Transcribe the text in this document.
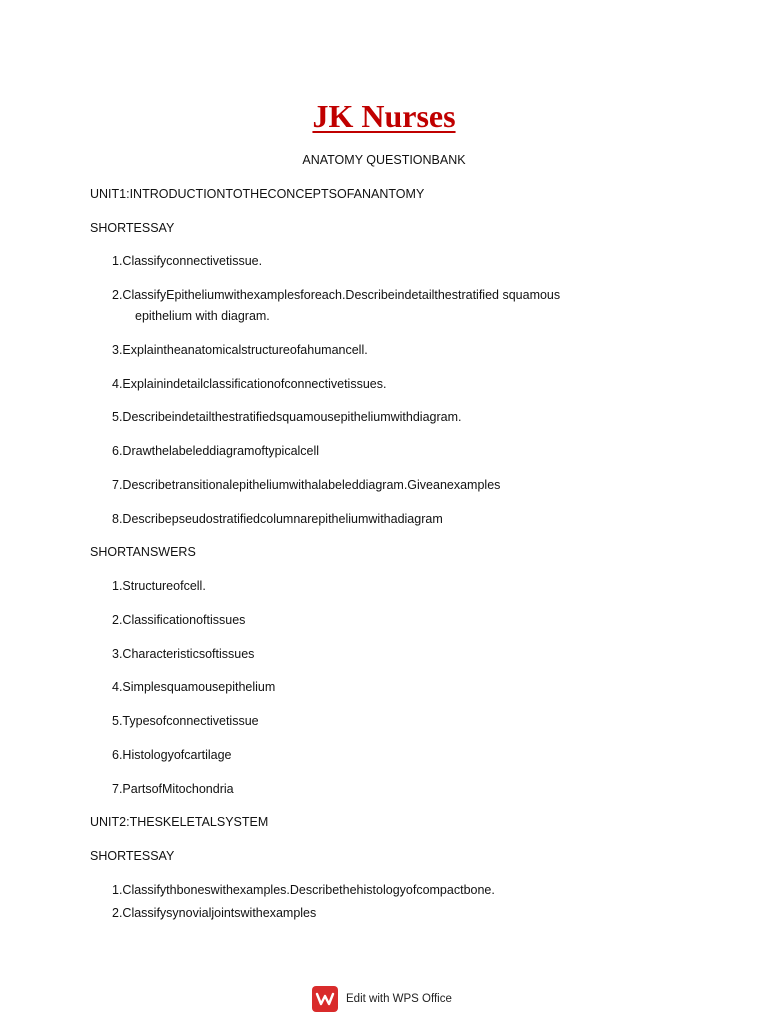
JK Nurses
ANATOMY QUESTIONBANK
UNIT1:INTRODUCTIONTOTHECONCEPTSOFANANTOMY
SHORTESSAY
1.Classifyconnectivetissue.
2.ClassifyEpitheliumwithexamplesforeach.Describeindetailthestratified squamous
epithelium with diagram.
3.Explaintheanatomicalstructureofahumancell.
4.Explainindetailclassificationofconnectivetissues.
5.Describeindetailthestratifiedsquamousepitheliumwithdiagram.
6.Drawthelabeleddiagramoftypicalcell
7.Describetransitionalepitheliumwithalabeleddiagram.Giveanexamples
8.Describepseudostratifiedcolumnarepitheliumwithadiagram
SHORTANSWERS
1.Structureofcell.
2.Classificationoftissues
3.Characteristicsoftissues
4.Simplesquamousepithelium
5.Typesofconnectivetissue
6.Histologyofcartilage
7.PartsofMitochondria
UNIT2:THESKELETALSYSTEM
SHORTESSAY
1.Classifythboneswithexamples.Describethehistologyofcompactbone.
2.Classifysynovialjointswithexamples
Edit with WPS Office
